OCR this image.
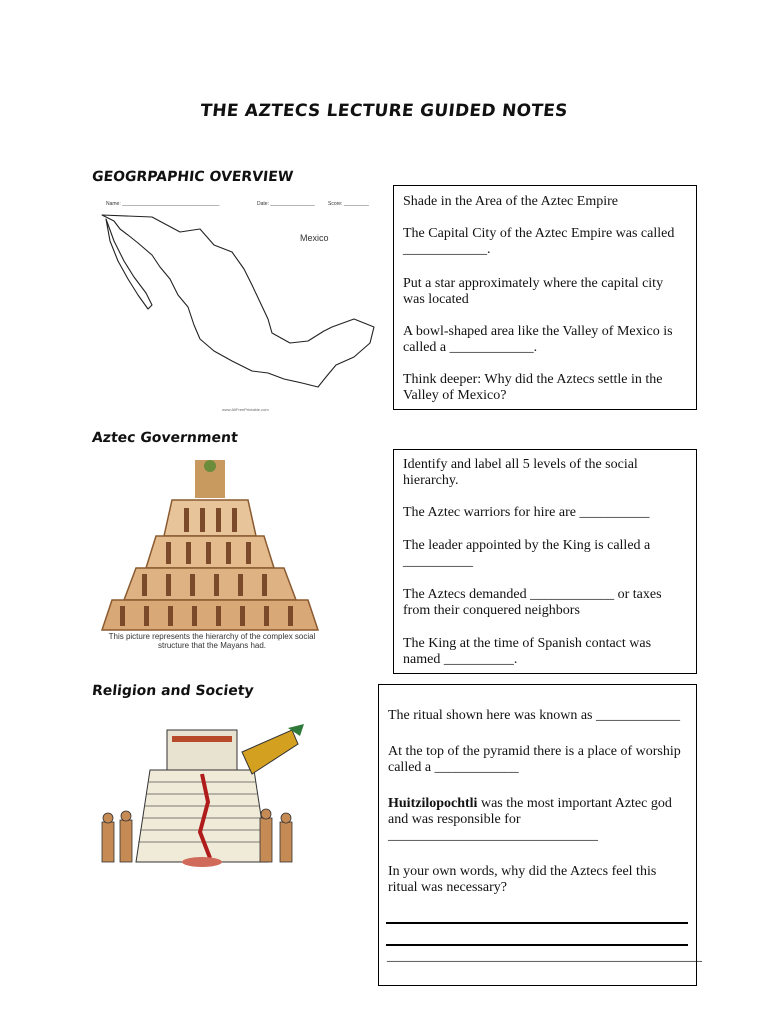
THE AZTECS LECTURE GUIDED NOTES
GEOGRPAPHIC OVERVIEW
Name: ___________________________________	Date: ________________	Score: _________
Mexico
www.AllFreePrintable.com

Shade in the Area of the Aztec Empire

The Capital City of the Aztec Empire was called ____________.

Put a star approximately where the capital city was located

A bowl-shaped area like the Valley of Mexico is called a ____________.

Think deeper: Why did the Aztecs settle in the Valley of Mexico?

Aztec Government
This picture represents the hierarchy of the complex social structure that the Mayans had.

Identify and label all 5 levels of the social hierarchy.

The Aztec warriors for hire are __________

The leader appointed by the King is called a __________

The Aztecs demanded ____________ or taxes from their conquered neighbors

The King at the time of Spanish contact was named __________.

Religion and Society

The ritual shown here was known as ____________

At the top of the pyramid there is a place of worship called a ____________

Huitzilopochtli was the most important Aztec god and was responsible for ______________________________

In your own words, why did the Aztecs feel this ritual was necessary?

_____________________________________________
